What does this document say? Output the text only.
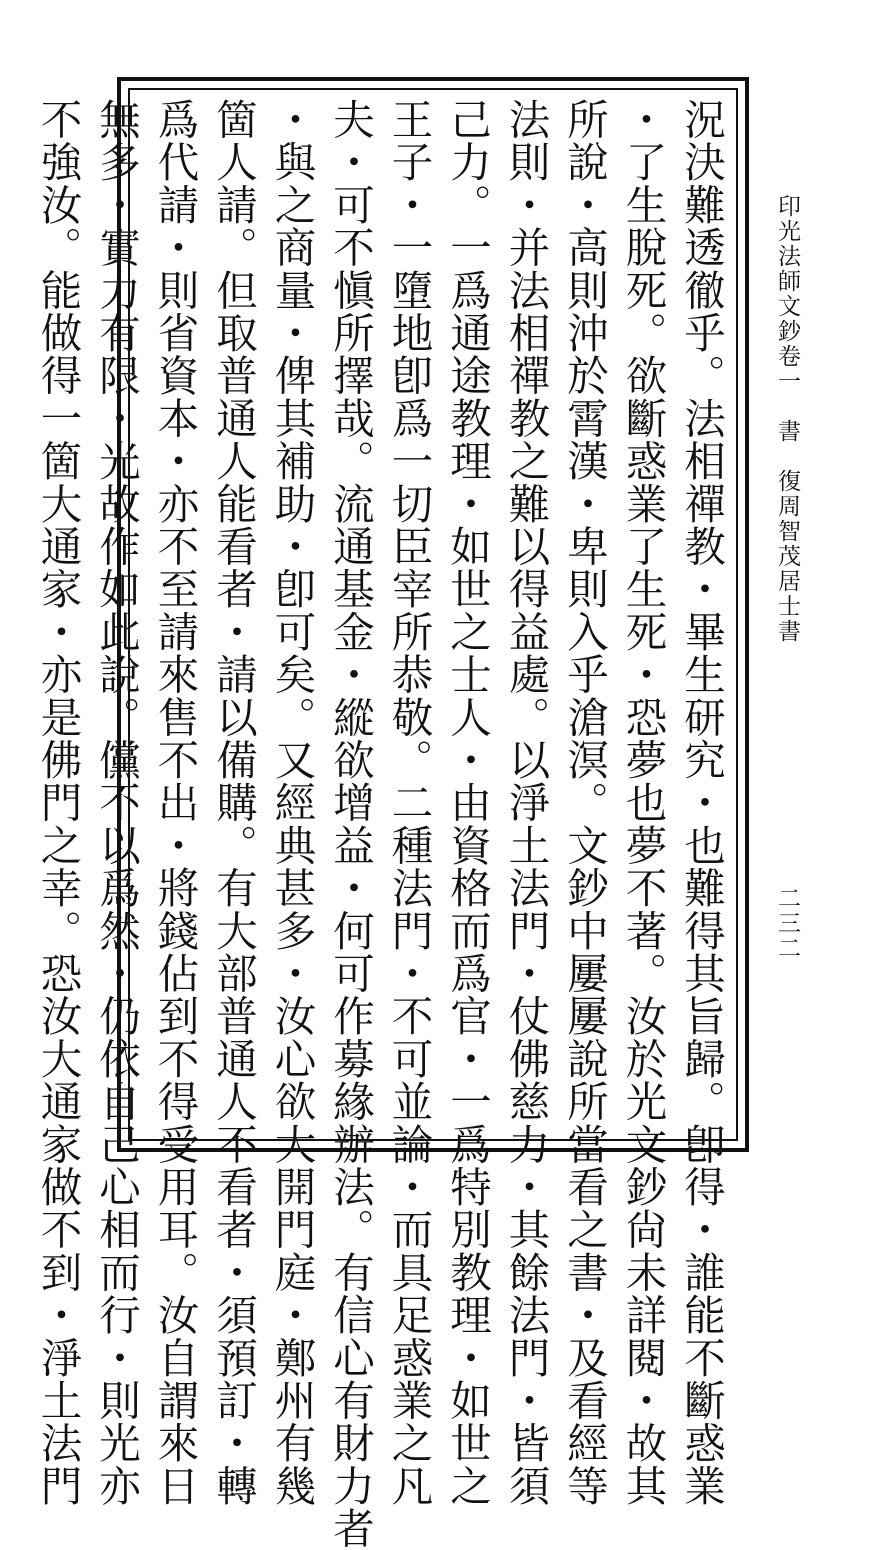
況決難透徹乎。法相禪教・畢生研究・也難得其旨歸。卽得・誰能不斷惑業
・了生脫死。欲斷惑業了生死・恐夢也夢不著。汝於光文鈔尙未詳閱・故其
所說・高則沖於霄漢・卑則入乎滄溟。文鈔中屢屢說所當看之書・及看經等
法則・并法相禪教之難以得益處。以淨土法門・仗佛慈力・其餘法門・皆須
己力。一爲通途教理・如世之士人・由資格而爲官・一爲特別教理・如世之
王子・一墮地卽爲一切臣宰所恭敬。二種法門・不可並論・而具足惑業之凡
夫・可不愼所擇哉。流通基金・縱欲增益・何可作募緣辦法。有信心有財力者
・與之商量・俾其補助・卽可矣。又經典甚多・汝心欲大開門庭・鄭州有幾
箇人請。但取普通人能看者・請以備購。有大部普通人不看者・須預訂・轉
爲代請・則省資本・亦不至請來售不出・將錢佔到不得受用耳。汝自謂來日
無多・實力有限・光故作如此說。儻不以爲然・仍依自己心相而行・則光亦
不強汝。能做得一箇大通家・亦是佛門之幸。恐汝大通家做不到・淨土法門	印光法師文鈔卷一　書　復周智茂居士書
二三二
